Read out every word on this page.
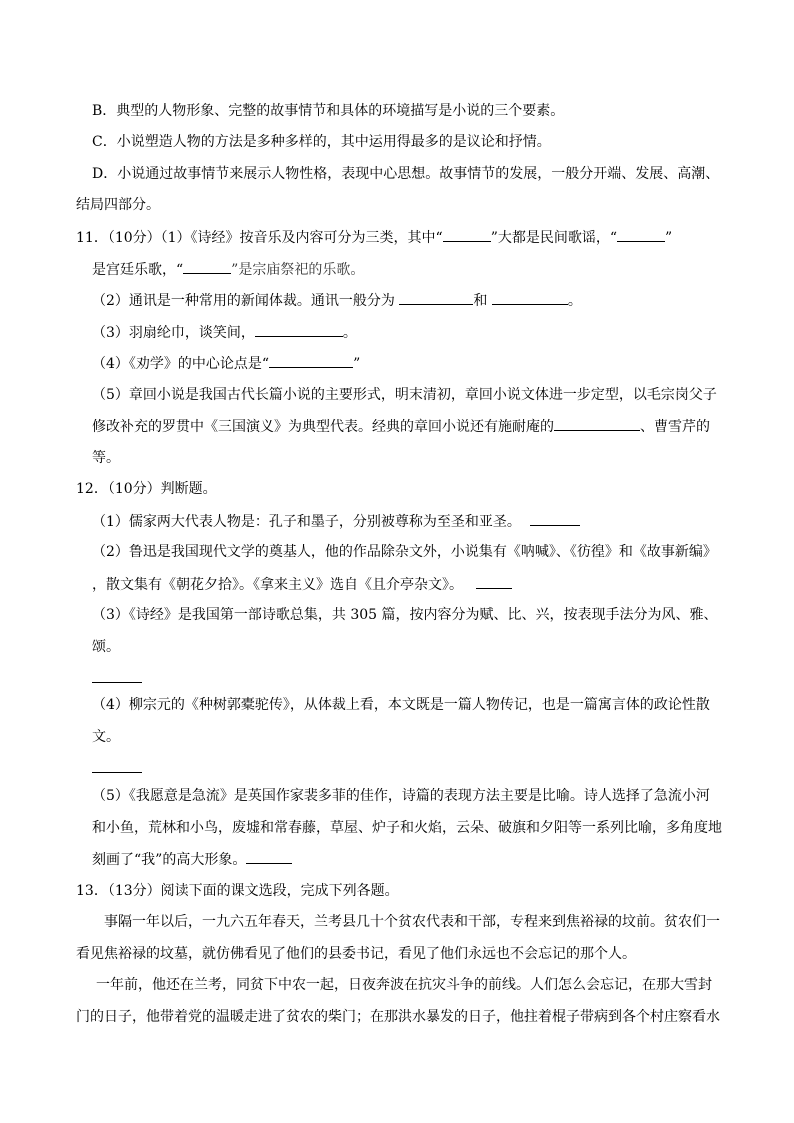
B．典型的人物形象、完整的故事情节和具体的环境描写是小说的三个要素。
C．小说塑造人物的方法是多种多样的，其中运用得最多的是议论和抒情。
D．小说通过故事情节来展示人物性格，表现中心思想。故事情节的发展，一般分开端、发展、高潮、
结局四部分。
11．（10分）（1）《诗经》按音乐及内容可分为三类，其中“	”大都是民间歌谣，“	”
是宫廷乐歌，“	”是宗庙祭祀的乐歌。
（2）通讯是一种常用的新闻体裁。通讯一般分为	和	。
（3）羽扇纶巾，谈笑间，	。
（4）《劝学》的中心论点是“	”
（5）章回小说是我国古代长篇小说的主要形式，明末清初，章回小说文体进一步定型，以毛宗岗父子
修改补充的罗贯中《三国演义》为典型代表。经典的章回小说还有施耐庵的	、曹雪芹的
等。
12．（10分）判断题。
（1）儒家两大代表人物是：孔子和墨子，分别被尊称为至圣和亚圣。
（2）鲁迅是我国现代文学的奠基人，他的作品除杂文外，小说集有《呐喊》、《彷徨》和《故事新编》
，散文集有《朝花夕拾》。《拿来主义》选自《且介亭杂文》。
（3）《诗经》是我国第一部诗歌总集，共 305 篇，按内容分为赋、比、兴，按表现手法分为风、雅、
颂。
（4）柳宗元的《种树郭橐驼传》，从体裁上看，本文既是一篇人物传记，也是一篇寓言体的政论性散
文。
（5）《我愿意是急流》是英国作家裴多菲的佳作，诗篇的表现方法主要是比喻。诗人选择了急流小河
和小鱼，荒林和小鸟，废墟和常春藤，草屋、炉子和火焰，云朵、破旗和夕阳等一系列比喻，多角度地
刻画了“我”的高大形象。
13．（13分）阅读下面的课文选段，完成下列各题。
事隔一年以后，一九六五年春天，兰考县几十个贫农代表和干部，专程来到焦裕禄的坟前。贫农们一
看见焦裕禄的坟墓，就仿佛看见了他们的县委书记，看见了他们永远也不会忘记的那个人。
一年前，他还在兰考，同贫下中农一起，日夜奔波在抗灾斗争的前线。人们怎么会忘记，在那大雪封
门的日子，他带着党的温暖走进了贫农的柴门；在那洪水暴发的日子，他拄着棍子带病到各个村庄察看水
